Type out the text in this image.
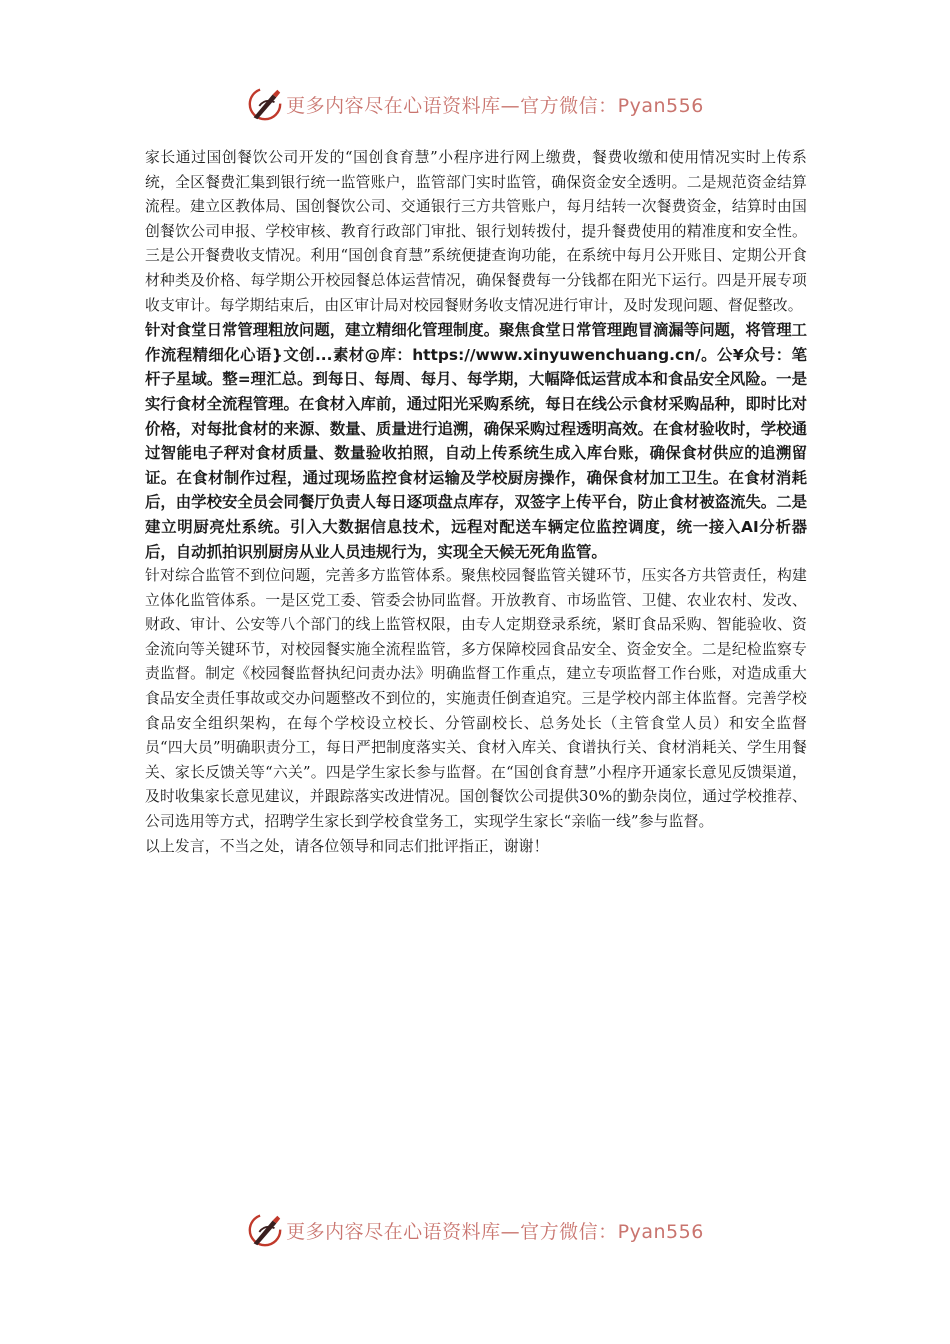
更多内容尽在心语资料库—官方微信：Pyan556

家长通过国创餐饮公司开发的“国创食育慧”小程序进行网上缴费，餐费收缴和使用情况实时上传系统，全区餐费汇集到银行统一监管账户，监管部门实时监管，确保资金安全透明。二是规范资金结算流程。建立区教体局、国创餐饮公司、交通银行三方共管账户，每月结转一次餐费资金，结算时由国创餐饮公司申报、学校审核、教育行政部门审批、银行划转拨付，提升餐费使用的精准度和安全性。三是公开餐费收支情况。利用“国创食育慧”系统便捷查询功能，在系统中每月公开账目、定期公开食材种类及价格、每学期公开校园餐总体运营情况，确保餐费每一分钱都在阳光下运行。四是开展专项收支审计。每学期结束后，由区审计局对校园餐财务收支情况进行审计，及时发现问题、督促整改。

针对食堂日常管理粗放问题，建立精细化管理制度。聚焦食堂日常管理跑冒滴漏等问题，将管理工作流程精细化心语}文创...素材@库：https://www.xinyuwenchuang.cn/。公¥众号：笔杆子星域。整=理汇总。到每日、每周、每月、每学期，大幅降低运营成本和食品安全风险。一是实行食材全流程管理。在食材入库前，通过阳光采购系统，每日在线公示食材采购品种，即时比对价格，对每批食材的来源、数量、质量进行追溯，确保采购过程透明高效。在食材验收时，学校通过智能电子秤对食材质量、数量验收拍照，自动上传系统生成入库台账，确保食材供应的追溯留证。在食材制作过程，通过现场监控食材运输及学校厨房操作，确保食材加工卫生。在食材消耗后，由学校安全员会同餐厅负责人每日逐项盘点库存，双签字上传平台，防止食材被盗流失。二是建立明厨亮灶系统。引入大数据信息技术，远程对配送车辆定位监控调度，统一接入AI分析器后，自动抓拍识别厨房从业人员违规行为，实现全天候无死角监管。

针对综合监管不到位问题，完善多方监管体系。聚焦校园餐监管关键环节，压实各方共管责任，构建立体化监管体系。一是区党工委、管委会协同监督。开放教育、市场监管、卫健、农业农村、发改、财政、审计、公安等八个部门的线上监管权限，由专人定期登录系统，紧盯食品采购、智能验收、资金流向等关键环节，对校园餐实施全流程监管，多方保障校园食品安全、资金安全。二是纪检监察专责监督。制定《校园餐监督执纪问责办法》明确监督工作重点，建立专项监督工作台账，对造成重大食品安全责任事故或交办问题整改不到位的，实施责任倒查追究。三是学校内部主体监督。完善学校食品安全组织架构，在每个学校设立校长、分管副校长、总务处长（主管食堂人员）和安全监督员“四大员”明确职责分工，每日严把制度落实关、食材入库关、食谱执行关、食材消耗关、学生用餐关、家长反馈关等“六关”。四是学生家长参与监督。在“国创食育慧”小程序开通家长意见反馈渠道，及时收集家长意见建议，并跟踪落实改进情况。国创餐饮公司提供30%的勤杂岗位，通过学校推荐、公司选用等方式，招聘学生家长到学校食堂务工，实现学生家长“亲临一线”参与监督。

以上发言，不当之处，请各位领导和同志们批评指正，谢谢！

更多内容尽在心语资料库—官方微信：Pyan556
